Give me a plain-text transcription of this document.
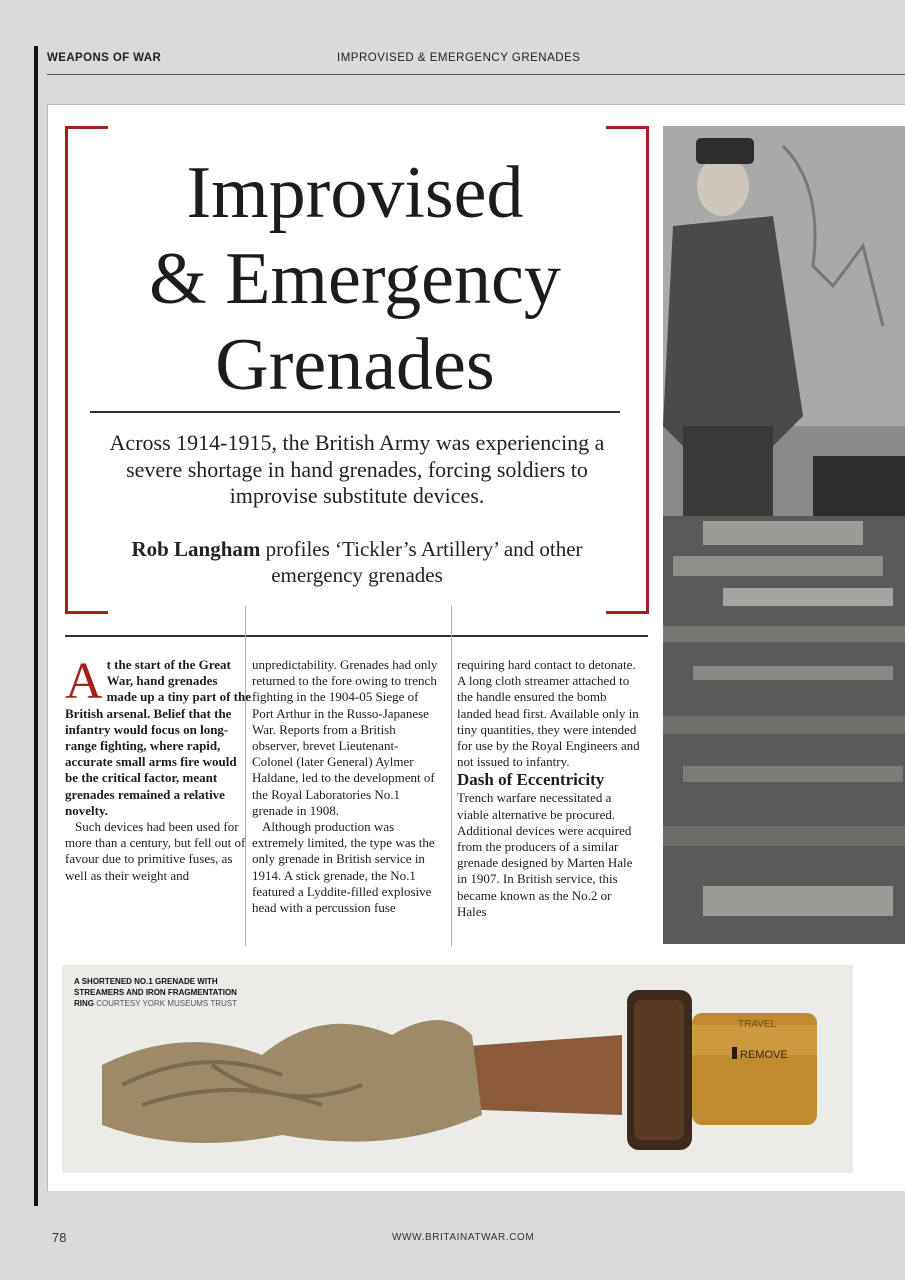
WEAPONS OF WAR	IMPROVISED & EMERGENCY GRENADES
Improvised
& Emergency
Grenades
Across 1914-1915, the British Army was experiencing a severe shortage in hand grenades, forcing soldiers to improvise substitute devices.
Rob Langham profiles ‘Tickler’s Artillery’ and other emergency grenades
A t the start of the Great War, hand grenades made up a tiny part of the British arsenal. Belief that the infantry would focus on long-range fighting, where rapid, accurate small arms fire would be the critical factor, meant grenades remained a relative novelty.

Such devices had been used for more than a century, but fell out of favour due to primitive fuses, as well as their weight and

unpredictability. Grenades had only returned to the fore owing to trench fighting in the 1904-05 Siege of Port Arthur in the Russo-Japanese War. Reports from a British observer, brevet Lieutenant-Colonel (later General) Aylmer Haldane, led to the development of the Royal Laboratories No.1 grenade in 1908.

Although production was extremely limited, the type was the only grenade in British service in 1914. A stick grenade, the No.1 featured a Lyddite-filled explosive head with a percussion fuse

requiring hard contact to detonate. A long cloth streamer attached to the handle ensured the bomb landed head first. Available only in tiny quantities, they were intended for use by the Royal Engineers and not issued to infantry.

Dash of Eccentricity

Trench warfare necessitated a viable alternative be procured. Additional devices were acquired from the producers of a similar grenade designed by Marten Hale in 1907. In British service, this became known as the No.2 or Hales

TRAVEL
REMOVE
A SHORTENED NO.1 GRENADE WITH STREAMERS AND IRON FRAGMENTATION RING COURTESY YORK MUSEUMS TRUST
78	WWW.BRITAINATWAR.COM
